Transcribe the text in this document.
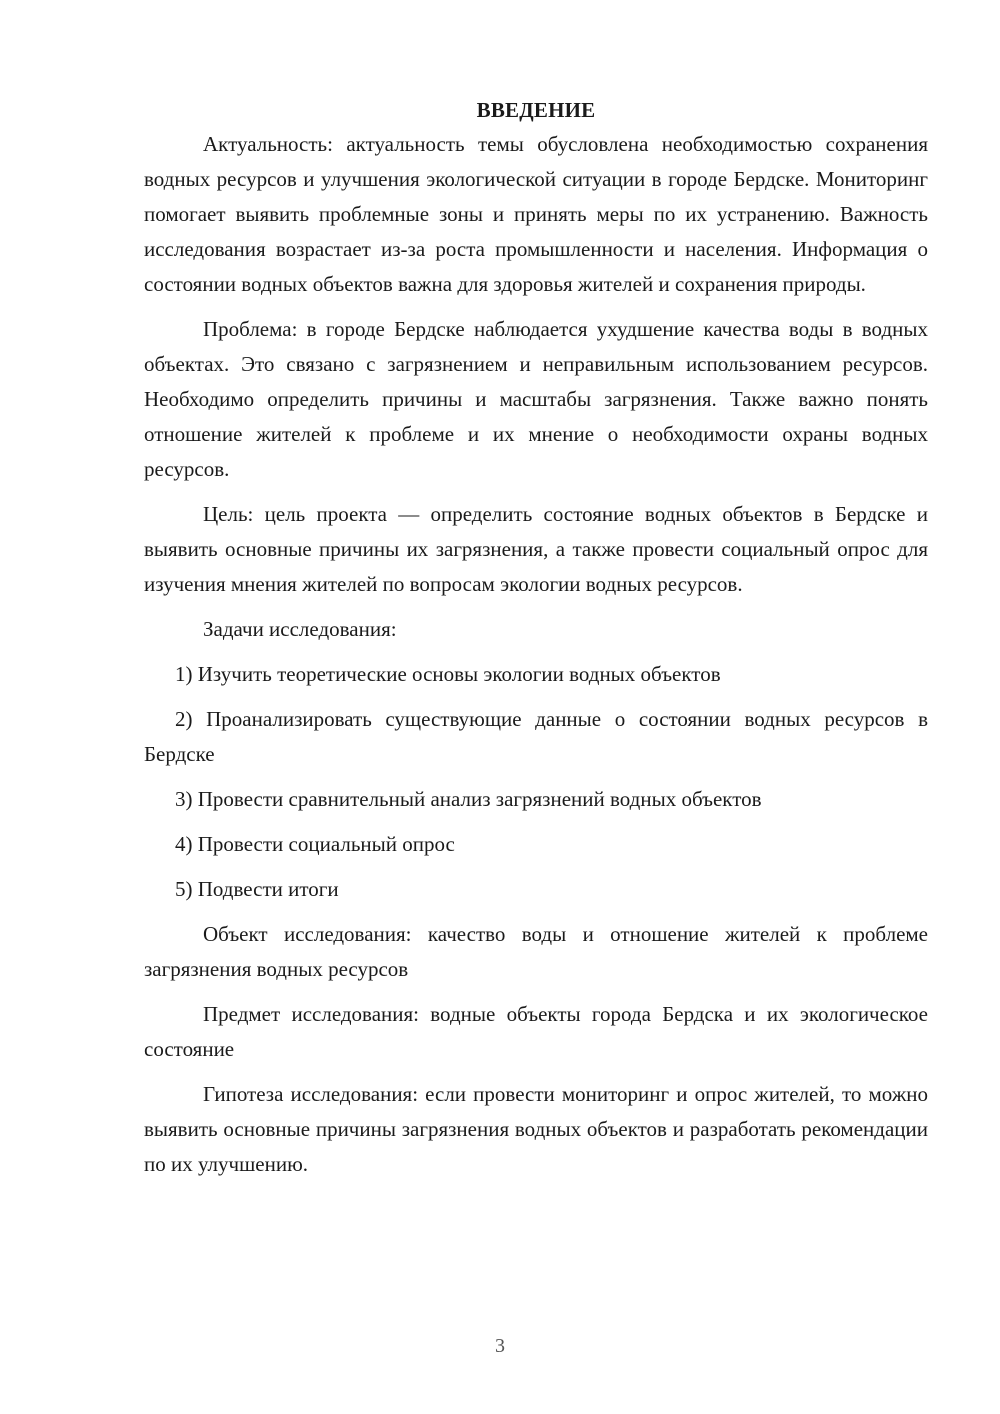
ВВЕДЕНИЕ

Актуальность: актуальность темы обусловлена необходимостью сохранения водных ресурсов и улучшения экологической ситуации в городе Бердске. Мониторинг помогает выявить проблемные зоны и принять меры по их устранению. Важность исследования возрастает из-за роста промышленности и населения. Информация о состоянии водных объектов важна для здоровья жителей и сохранения природы.

Проблема: в городе Бердске наблюдается ухудшение качества воды в водных объектах. Это связано с загрязнением и неправильным использованием ресурсов. Необходимо определить причины и масштабы загрязнения. Также важно понять отношение жителей к проблеме и их мнение о необходимости охраны водных ресурсов.

Цель: цель проекта — определить состояние водных объектов в Бердске и выявить основные причины их загрязнения, а также провести социальный опрос для изучения мнения жителей по вопросам экологии водных ресурсов.

Задачи исследования:

1) Изучить теоретические основы экологии водных объектов

2) Проанализировать существующие данные о состоянии водных ресурсов в Бердске

3) Провести сравнительный анализ загрязнений водных объектов

4) Провести социальный опрос

5) Подвести итоги

Объект исследования: качество воды и отношение жителей к проблеме загрязнения водных ресурсов

Предмет исследования: водные объекты города Бердска и их экологическое состояние

Гипотеза исследования: если провести мониторинг и опрос жителей, то можно выявить основные причины загрязнения водных объектов и разработать рекомендации по их улучшению.

3
